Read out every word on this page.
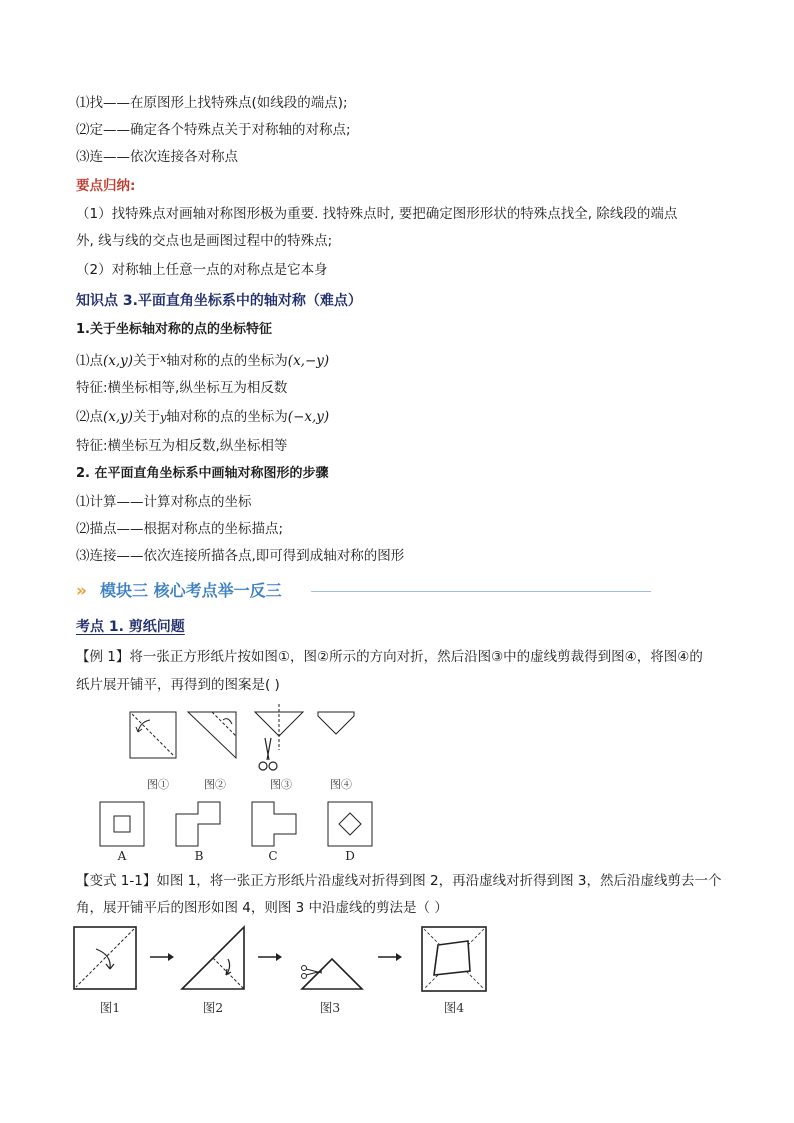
⑴找——在原图形上找特殊点(如线段的端点);
⑵定——确定各个特殊点关于对称轴的对称点;
⑶连——依次连接各对称点
要点归纳:
（1）找特殊点对画轴对称图形极为重要. 找特殊点时, 要把确定图形形状的特殊点找全, 除线段的端点
外, 线与线的交点也是画图过程中的特殊点;
（2）对称轴上任意一点的对称点是它本身
知识点 3.平面直角坐标系中的轴对称（难点）
1.关于坐标轴对称的点的坐标特征
⑴点(x,y)关于$^x$轴对称的点的坐标为(x,−y)
特征:横坐标相等,纵坐标互为相反数
⑵点(x,y)关于y轴对称的点的坐标为(−x,y)
特征:横坐标互为相反数,纵坐标相等
2. 在平面直角坐标系中画轴对称图形的步骤
⑴计算——计算对称点的坐标
⑵描点——根据对称点的坐标描点;
⑶连接——依次连接所描各点,即可得到成轴对称的图形
» 模块三 核心考点举一反三
考点 1. 剪纸问题
【例 1】将一张正方形纸片按如图①，图②所示的方向对折，然后沿图③中的虚线剪裁得到图④，将图④的
纸片展开铺平，再得到的图案是( )
图①	图②	图③	图④
A	B	C	D
【变式 1-1】如图 1，将一张正方形纸片沿虚线对折得到图 2，再沿虚线对折得到图 3，然后沿虚线剪去一个
角，展开铺平后的图形如图 4，则图 3 中沿虚线的剪法是（ ）
图1	图2	图3	图4
